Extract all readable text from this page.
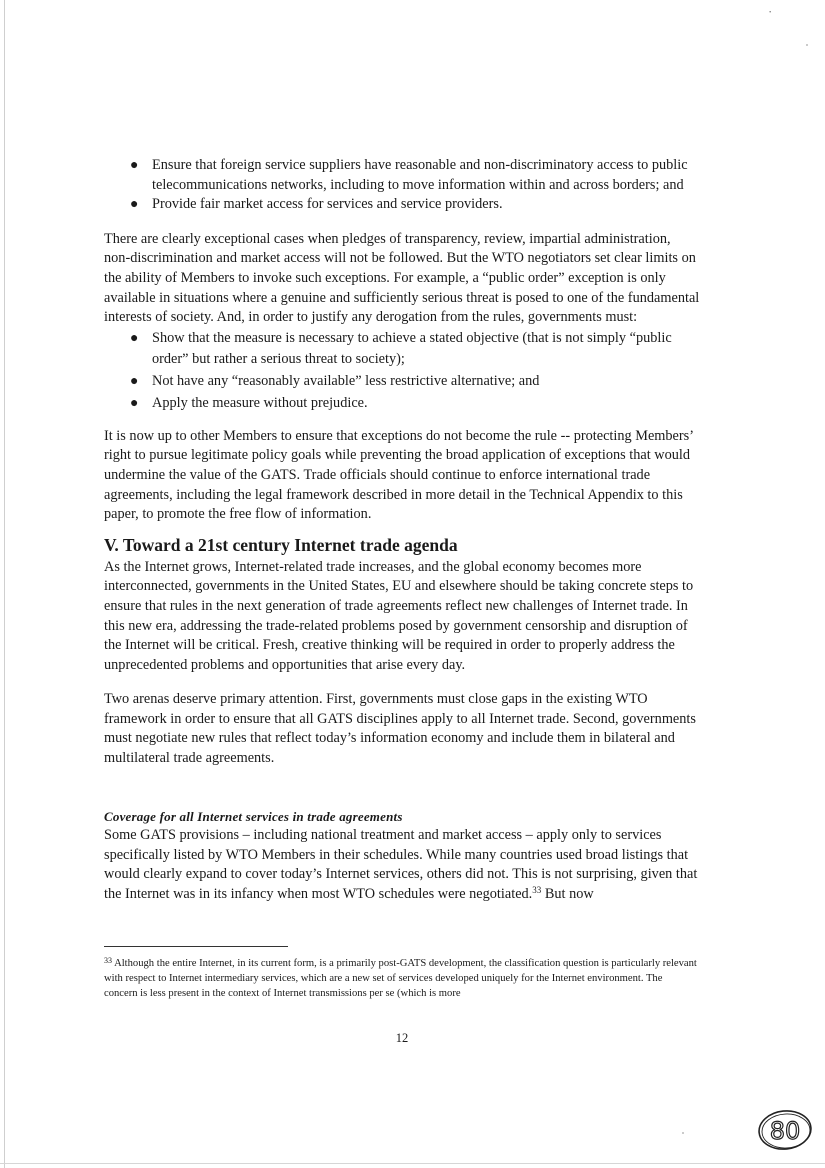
·
● Ensure that foreign service suppliers have reasonable and non-discriminatory access to public telecommunications networks, including to move information within and across borders; and
● Provide fair market access for services and service providers.

There are clearly exceptional cases when pledges of transparency, review, impartial administration, non-discrimination and market access will not be followed. But the WTO negotiators set clear limits on the ability of Members to invoke such exceptions. For example, a “public order” exception is only available in situations where a genuine and sufficiently serious threat is posed to one of the fundamental interests of society. And, in order to justify any derogation from the rules, governments must:

● Show that the measure is necessary to achieve a stated objective (that is not simply “public order” but rather a serious threat to society);
● Not have any “reasonably available” less restrictive alternative; and
● Apply the measure without prejudice.

It is now up to other Members to ensure that exceptions do not become the rule -- protecting Members’ right to pursue legitimate policy goals while preventing the broad application of exceptions that would undermine the value of the GATS. Trade officials should continue to enforce international trade agreements, including the legal framework described in more detail in the Technical Appendix to this paper, to promote the free flow of information.

V. Toward a 21st century Internet trade agenda

As the Internet grows, Internet-related trade increases, and the global economy becomes more interconnected, governments in the United States, EU and elsewhere should be taking concrete steps to ensure that rules in the next generation of trade agreements reflect new challenges of Internet trade. In this new era, addressing the trade-related problems posed by government censorship and disruption of the Internet will be critical. Fresh, creative thinking will be required in order to properly address the unprecedented problems and opportunities that arise every day.

Two arenas deserve primary attention. First, governments must close gaps in the existing WTO framework in order to ensure that all GATS disciplines apply to all Internet trade. Second, governments must negotiate new rules that reflect today’s information economy and include them in bilateral and multilateral trade agreements.

Coverage for all Internet services in trade agreements

Some GATS provisions – including national treatment and market access – apply only to services specifically listed by WTO Members in their schedules. While many countries used broad listings that would clearly expand to cover today’s Internet services, others did not. This is not surprising, given that the Internet was in its infancy when most WTO schedules were negotiated.$^{33}$ But now

$^{33}$ Although the entire Internet, in its current form, is a primarily post-GATS development, the classification question is particularly relevant with respect to Internet intermediary services, which are a new set of services developed uniquely for the Internet environment. The concern is less present in the context of Internet transmissions per se (which is more
12
80
